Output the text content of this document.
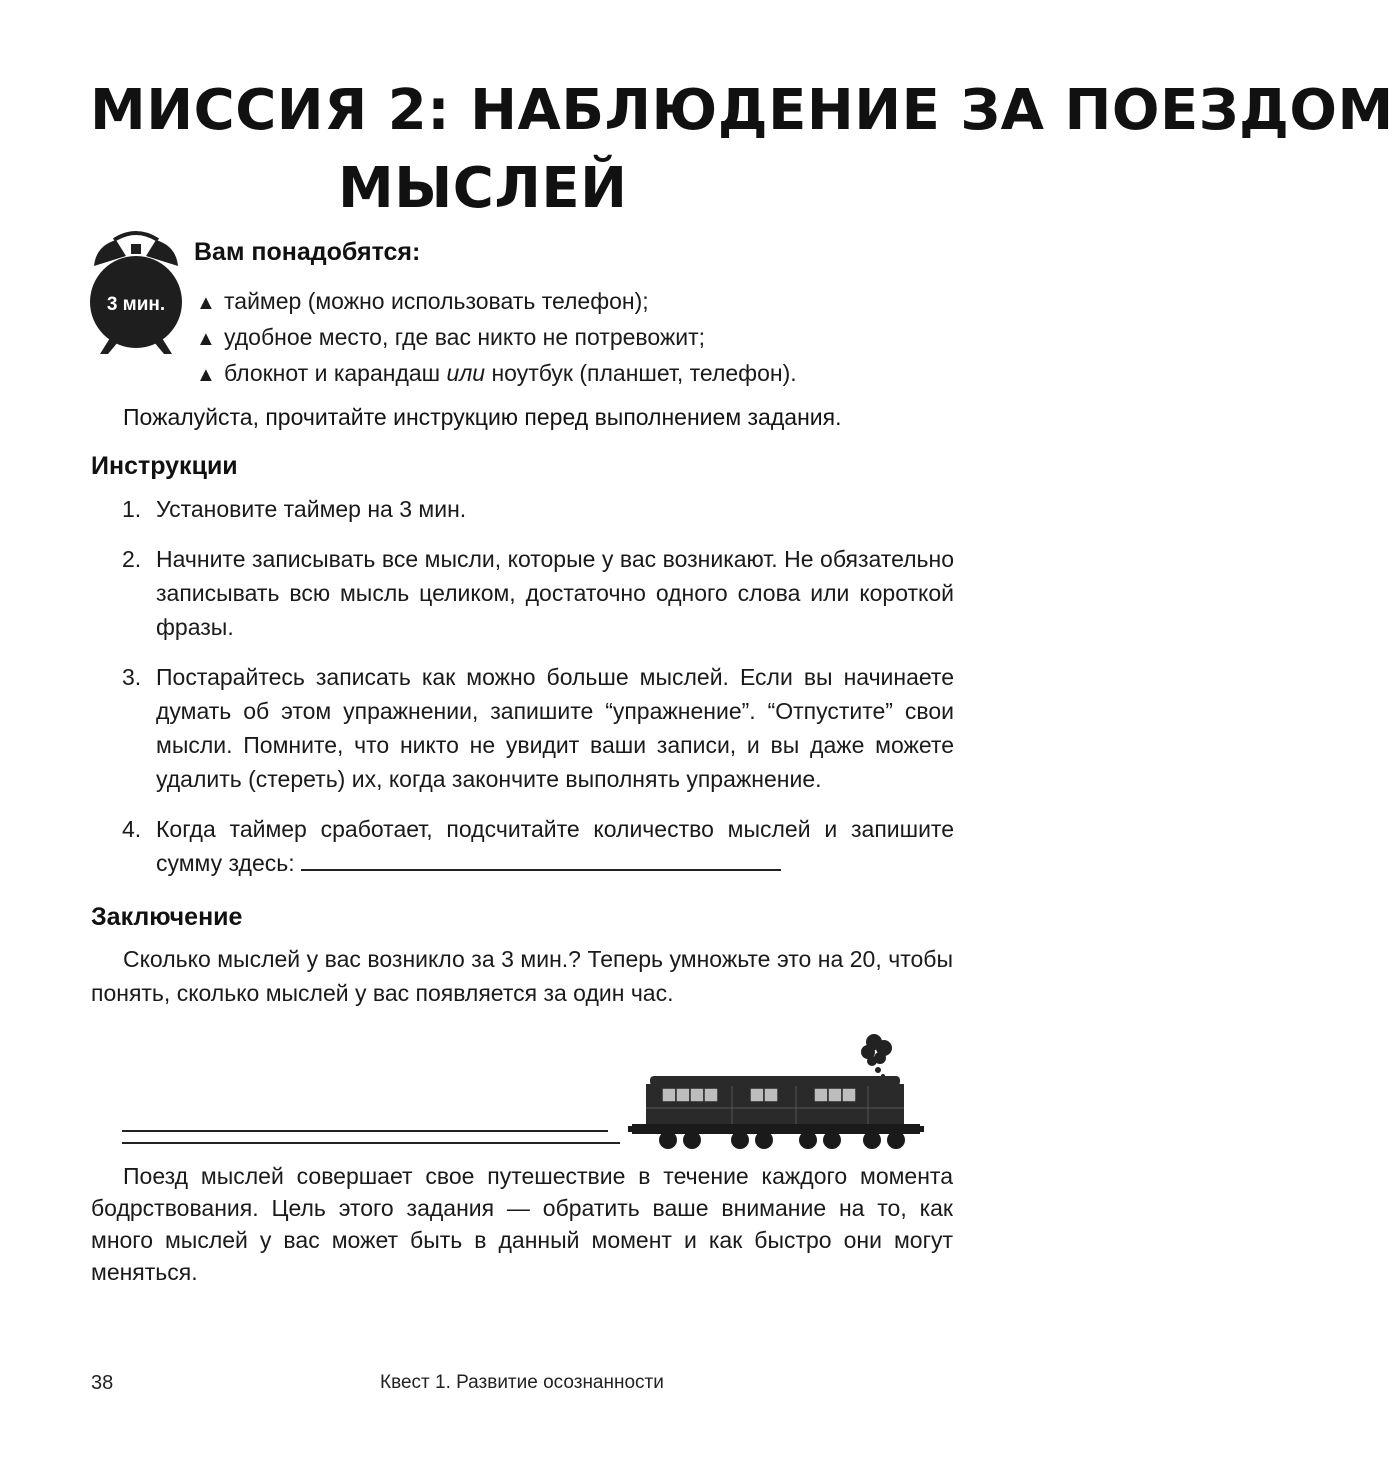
МИССИЯ 2: НАБЛЮДЕНИЕ ЗА ПОЕЗДОМ
МЫСЛЕЙ
3 мин.
Вам понадобятся:
▲ таймер (можно использовать телефон);
▲ удобное место, где вас никто не потревожит;
▲ блокнот и карандаш или ноутбук (планшет, телефон).

Пожалуйста, прочитайте инструкцию перед выполнением задания.

Инструкции
1. Установите таймер на 3 мин.
2. Начните записывать все мысли, которые у вас возникают. Не обязательно записывать всю мысль целиком, достаточно одного слова или короткой фразы.
3. Постарайтесь записать как можно больше мыслей. Если вы начинаете думать об этом упражнении, запишите “упражнение”. “Отпустите” свои мысли. Помните, что никто не увидит ваши записи, и вы даже можете удалить (стереть) их, когда закончите выполнять упражнение.
4. Когда таймер сработает, подсчитайте количество мыслей и запишите сумму здесь:
Заключение

Сколько мыслей у вас возникло за 3 мин.? Теперь умножьте это на 20, чтобы понять, сколько мыслей у вас появляется за один час.

Поезд мыслей совершает свое путешествие в течение каждого момента бодрствования. Цель этого задания — обратить ваше внимание на то, как много мыслей у вас может быть в данный момент и как быстро они могут меняться.

38	Квест 1. Развитие осознанности
